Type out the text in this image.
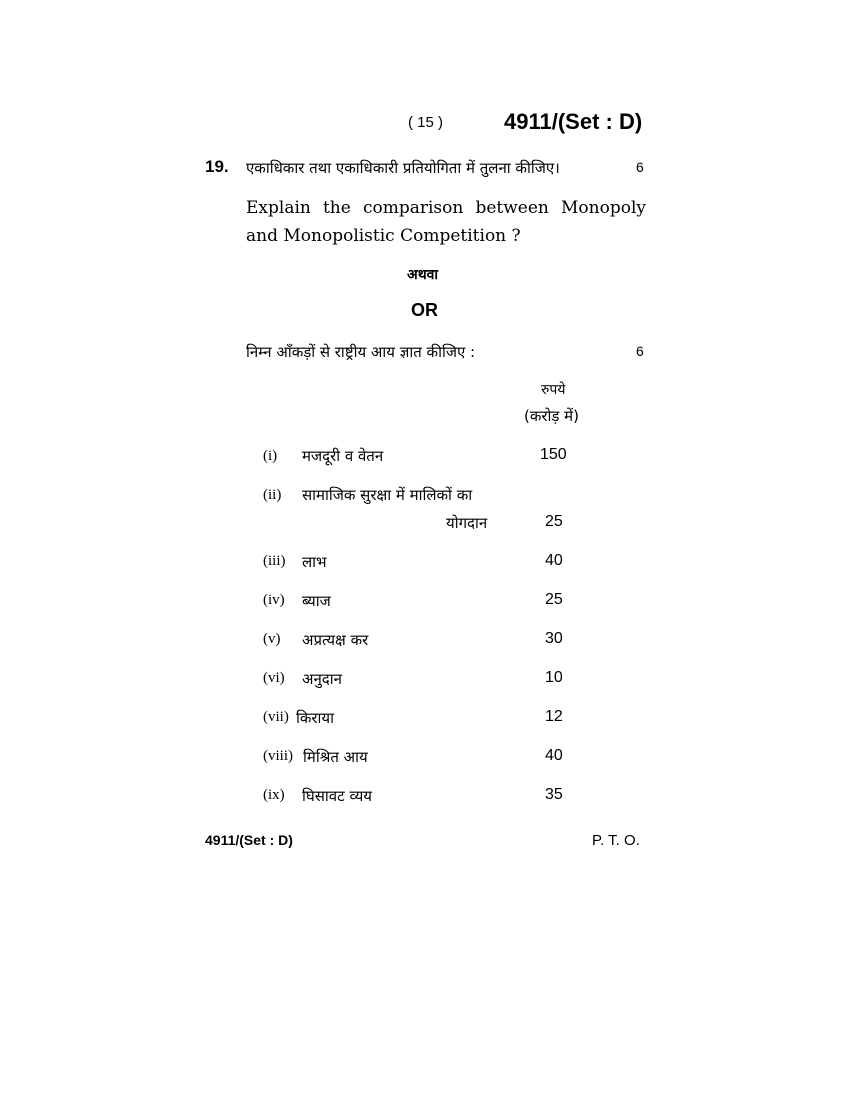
( 15 )	4911/(Set : D)
19. एकाधिकार तथा एकाधिकारी प्रतियोगिता में तुलना कीजिए।	6
Explain the comparison between Monopoly and Monopolistic Competition ?
अथवा
OR
निम्न आँकड़ों से राष्ट्रीय आय ज्ञात कीजिए :	6
रुपये
(करोड़ में)
(i) मजदूरी व वेतन	150
(ii) सामाजिक सुरक्षा में मालिकों का
योगदान	25
(iii) लाभ	40
(iv) ब्याज	25
(v) अप्रत्यक्ष कर	30
(vi) अनुदान	10
(vii) किराया	12
(viii) मिश्रित आय	40
(ix) घिसावट व्यय	35
4911/(Set : D)	P. T. O.
